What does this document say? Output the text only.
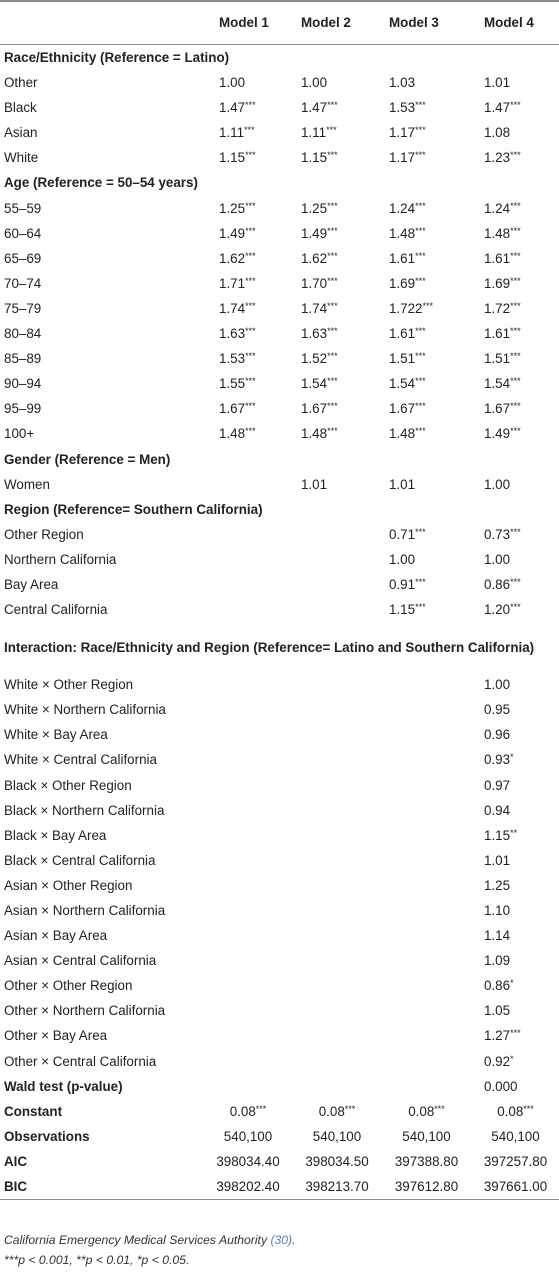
	Model 1	Model 2	Model 3	Model 4
Race/Ethnicity (Reference = Latino)				
Other	1.00	1.00	1.03	1.01
Black	1.47***	1.47***	1.53***	1.47***
Asian	1.11***	1.11***	1.17***	1.08
White	1.15***	1.15***	1.17***	1.23***
Age (Reference = 50–54 years)				
55–59	1.25***	1.25***	1.24***	1.24***
60–64	1.49***	1.49***	1.48***	1.48***
65–69	1.62***	1.62***	1.61***	1.61***
70–74	1.71***	1.70***	1.69***	1.69***
75–79	1.74***	1.74***	1.722***	1.72***
80–84	1.63***	1.63***	1.61***	1.61***
85–89	1.53***	1.52***	1.51***	1.51***
90–94	1.55***	1.54***	1.54***	1.54***
95–99	1.67***	1.67***	1.67***	1.67***
100+	1.48***	1.48***	1.48***	1.49***
Gender (Reference = Men)				
Women		1.01	1.01	1.00
Region (Reference= Southern California)				
Other Region			0.71***	0.73***
Northern California			1.00	1.00
Bay Area			0.91***	0.86***
Central California			1.15***	1.20***
Interaction: Race/Ethnicity and Region (Reference= Latino and Southern California)				
White × Other Region				1.00
White × Northern California				0.95
White × Bay Area				0.96
White × Central California				0.93*
Black × Other Region				0.97
Black × Northern California				0.94
Black × Bay Area				1.15**
Black × Central California				1.01
Asian × Other Region				1.25
Asian × Northern California				1.10
Asian × Bay Area				1.14
Asian × Central California				1.09
Other × Other Region				0.86*
Other × Northern California				1.05
Other × Bay Area				1.27***
Other × Central California				0.92*
Wald test (p-value)				0.000
Constant	0.08***	0.08***	0.08***	0.08***
Observations	540,100	540,100	540,100	540,100
AIC	398034.40	398034.50	397388.80	397257.80
BIC	398202.40	398213.70	397612.80	397661.00
California Emergency Medical Services Authority (30).
***p < 0.001, **p < 0.01, *p < 0.05.
